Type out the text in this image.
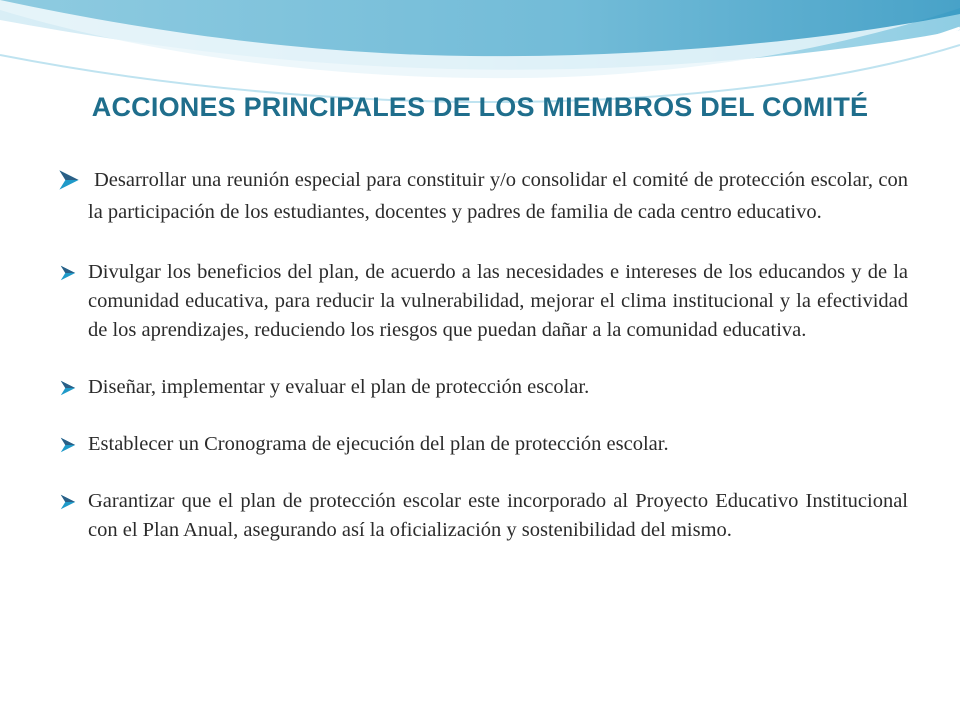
ACCIONES PRINCIPALES DE LOS MIEMBROS DEL COMITÉ
Desarrollar una reunión especial para constituir y/o consolidar el comité de protección escolar, con la participación de los estudiantes, docentes y padres de familia de cada centro educativo.
Divulgar los beneficios del plan, de acuerdo a las necesidades e intereses de los educandos y de la comunidad educativa, para reducir la vulnerabilidad, mejorar el clima institucional y la efectividad de los aprendizajes, reduciendo los riesgos que puedan dañar a la comunidad educativa.
Diseñar, implementar y evaluar el plan de protección escolar.
Establecer un Cronograma de ejecución del plan de protección escolar.
Garantizar que el plan de protección escolar este incorporado al Proyecto Educativo Institucional con el Plan Anual, asegurando así la oficialización y sostenibilidad del mismo.
